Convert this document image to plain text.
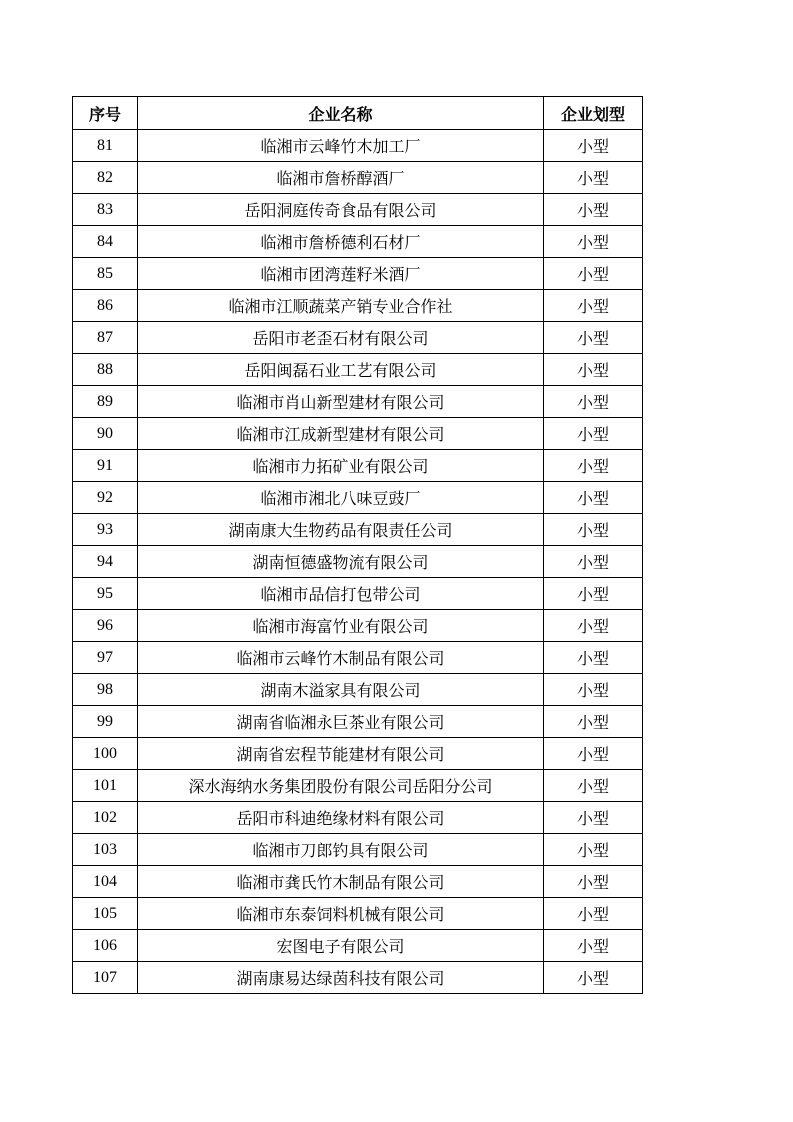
序号	企业名称	企业划型
81	临湘市云峰竹木加工厂	小型
82	临湘市詹桥醇酒厂	小型
83	岳阳洞庭传奇食品有限公司	小型
84	临湘市詹桥德利石材厂	小型
85	临湘市团湾莲籽米酒厂	小型
86	临湘市江顺蔬菜产销专业合作社	小型
87	岳阳市老歪石材有限公司	小型
88	岳阳闽磊石业工艺有限公司	小型
89	临湘市肖山新型建材有限公司	小型
90	临湘市江成新型建材有限公司	小型
91	临湘市力拓矿业有限公司	小型
92	临湘市湘北八味豆豉厂	小型
93	湖南康大生物药品有限责任公司	小型
94	湖南恒德盛物流有限公司	小型
95	临湘市品信打包带公司	小型
96	临湘市海富竹业有限公司	小型
97	临湘市云峰竹木制品有限公司	小型
98	湖南木溢家具有限公司	小型
99	湖南省临湘永巨茶业有限公司	小型
100	湖南省宏程节能建材有限公司	小型
101	深水海纳水务集团股份有限公司岳阳分公司	小型
102	岳阳市科迪绝缘材料有限公司	小型
103	临湘市刀郎钓具有限公司	小型
104	临湘市龚氏竹木制品有限公司	小型
105	临湘市东泰饲料机械有限公司	小型
106	宏图电子有限公司	小型
107	湖南康易达绿茵科技有限公司	小型
